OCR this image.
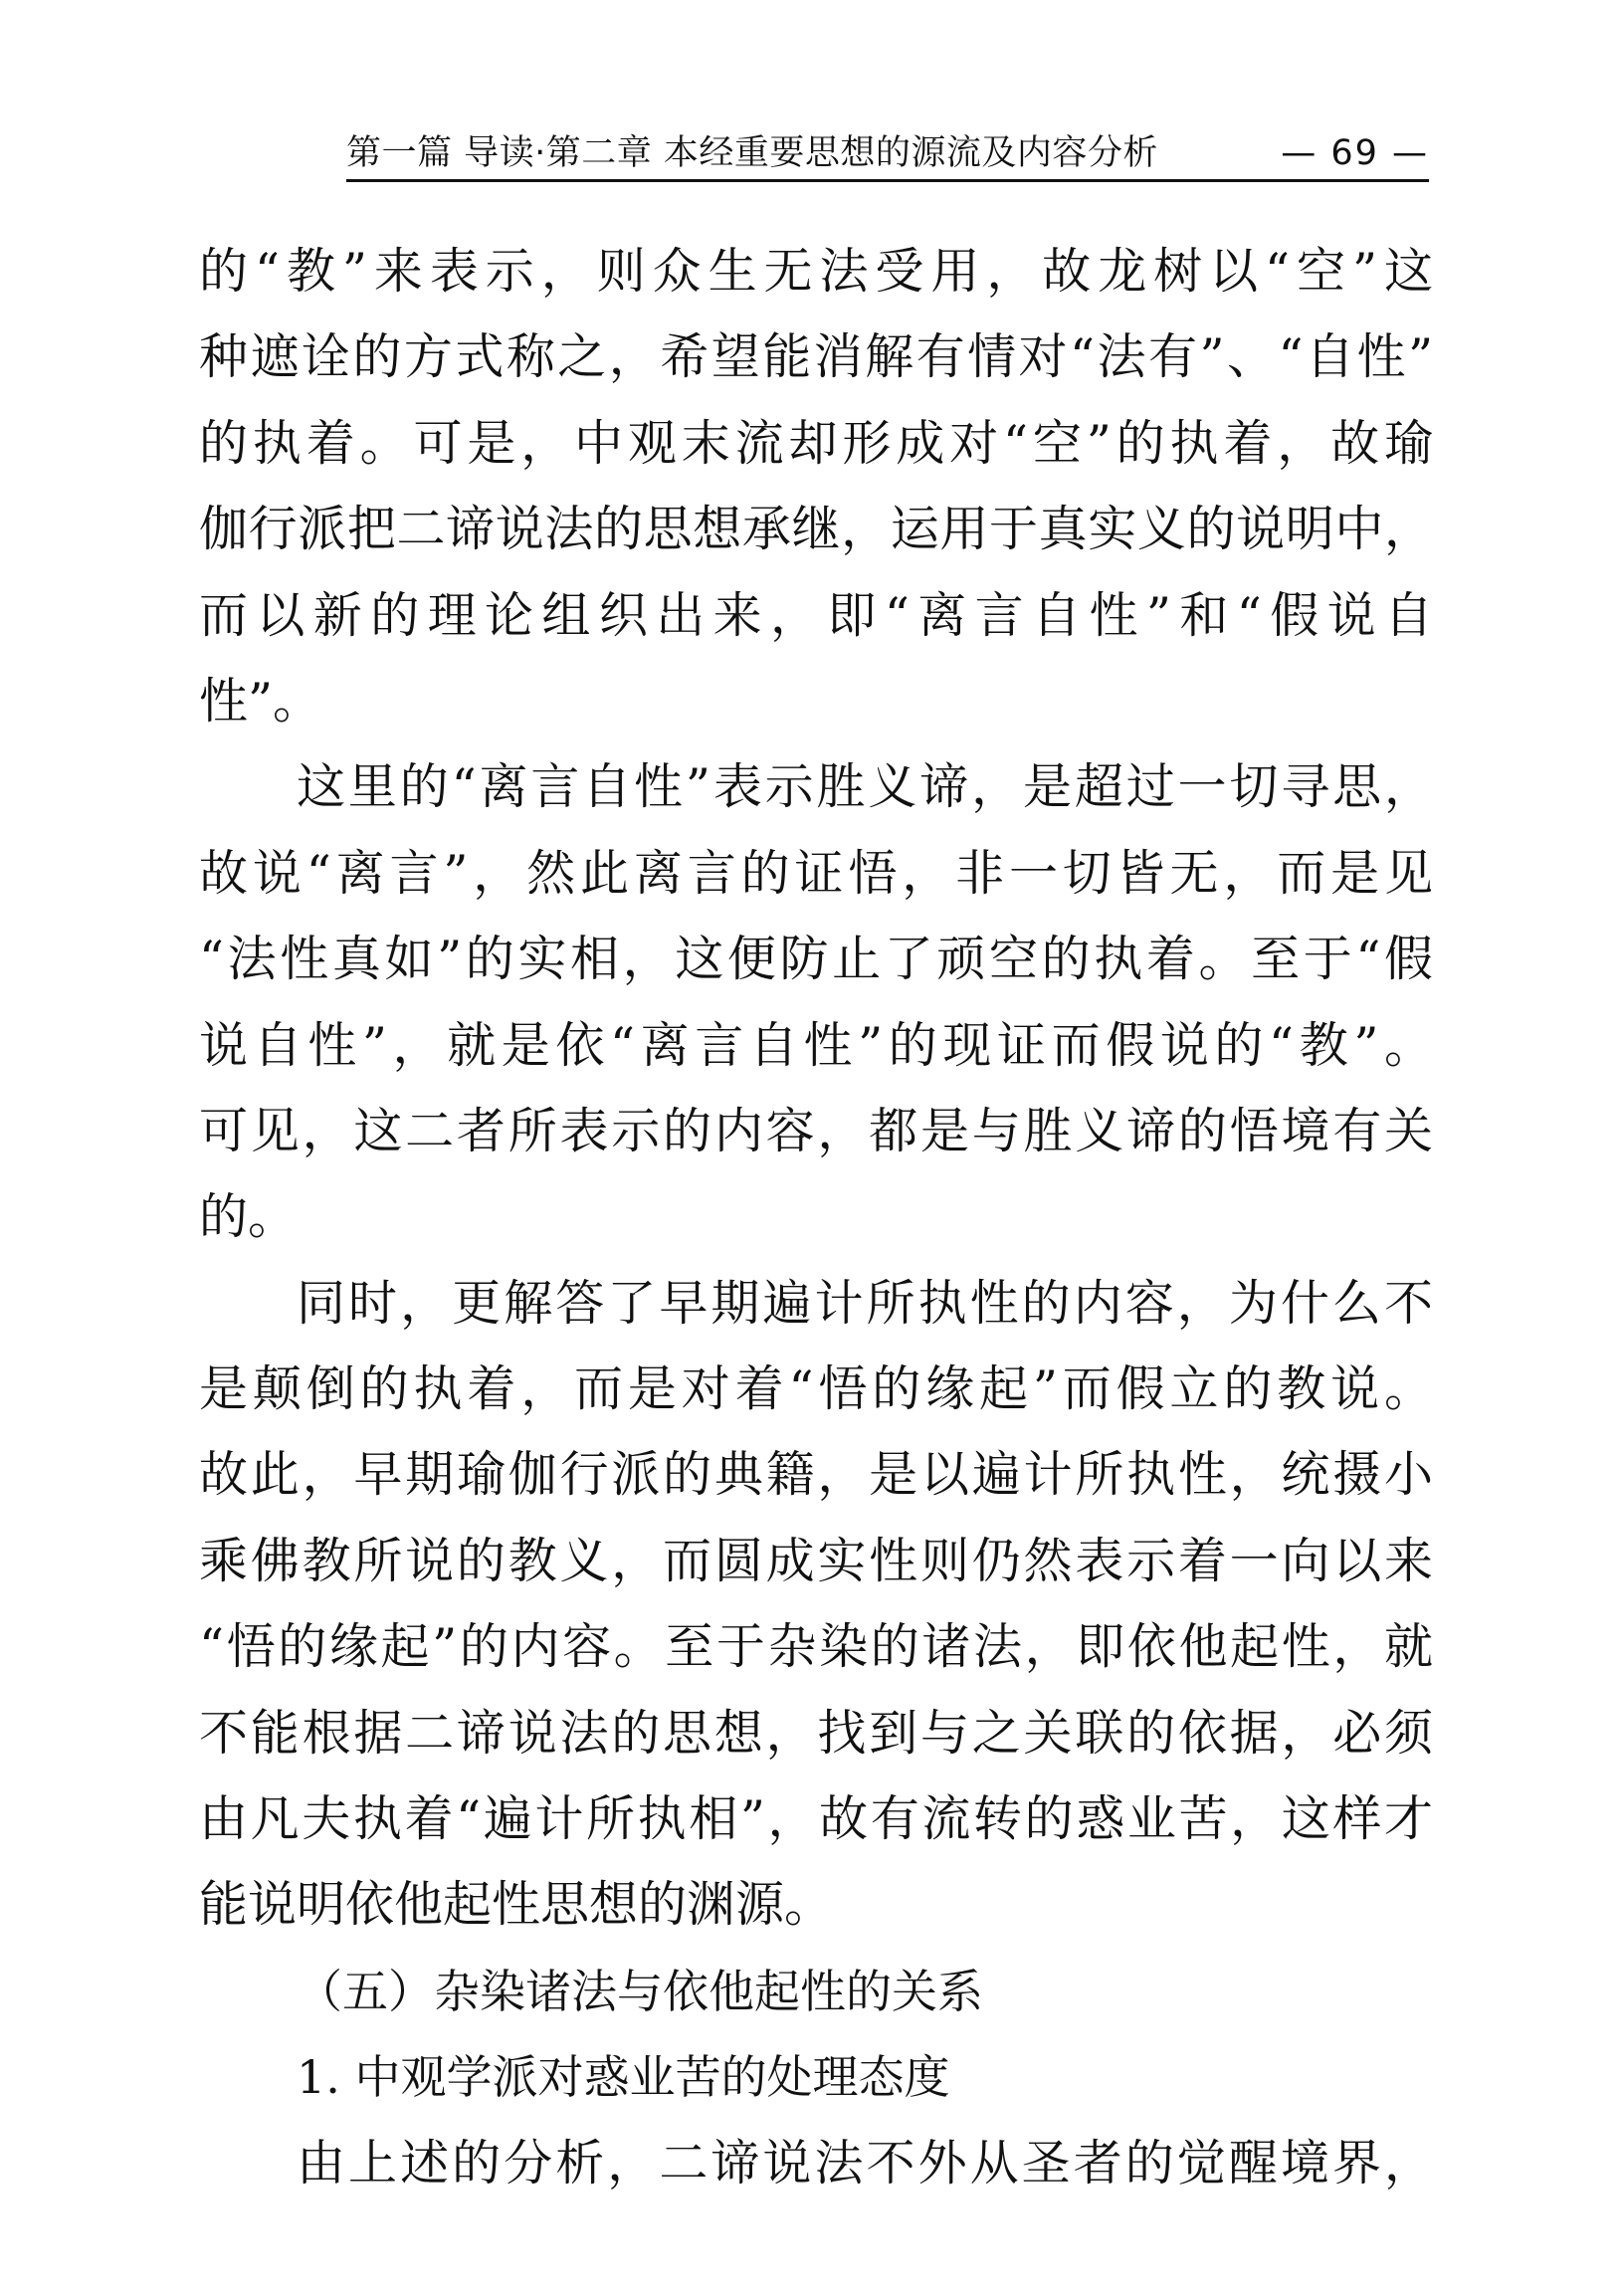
第一篇 导读·第二章 本经重要思想的源流及内容分析	— 69 —
的“教”来表示，则众生无法受用，故龙树以“空”这
种遮诠的方式称之，希望能消解有情对“法有”、“自性”
的执着。可是，中观末流却形成对“空”的执着，故瑜
伽行派把二谛说法的思想承继，运用于真实义的说明中，
而以新的理论组织出来，即“离言自性”和“假说自
性”。
这里的“离言自性”表示胜义谛，是超过一切寻思，
故说“离言”，然此离言的证悟，非一切皆无，而是见
“法性真如”的实相，这便防止了顽空的执着。至于“假
说自性”，就是依“离言自性”的现证而假说的“教”。
可见，这二者所表示的内容，都是与胜义谛的悟境有关
的。
同时，更解答了早期遍计所执性的内容，为什么不
是颠倒的执着，而是对着“悟的缘起”而假立的教说。
故此，早期瑜伽行派的典籍，是以遍计所执性，统摄小
乘佛教所说的教义，而圆成实性则仍然表示着一向以来
“悟的缘起”的内容。至于杂染的诸法，即依他起性，就
不能根据二谛说法的思想，找到与之关联的依据，必须
由凡夫执着“遍计所执相”，故有流转的惑业苦，这样才
能说明依他起性思想的渊源。
（五）杂染诸法与依他起性的关系
1. 中观学派对惑业苦的处理态度
由上述的分析，二谛说法不外从圣者的觉醒境界，
